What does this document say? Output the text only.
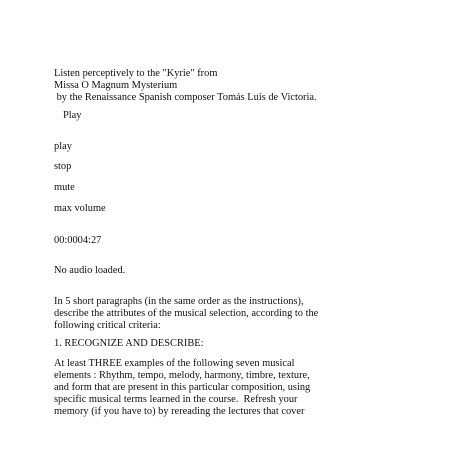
Listen perceptively to the "Kyrie" from
Missa O Magnum Mysterium
by the Renaissance Spanish composer Tomás Luis de Victoria.
Play
play
stop
mute
max volume
00:0004:27
No audio loaded.
In 5 short paragraphs (in the same order as the instructions),
describe the attributes of the musical selection, according to the
following critical criteria:
1. RECOGNIZE AND DESCRIBE:
At least THREE examples of the following seven musical
elements : Rhythm, tempo, melody, harmony, timbre, texture,
and form that are present in this particular composition, using
specific musical terms learned in the course.  Refresh your
memory (if you have to) by rereading the lectures that cover
